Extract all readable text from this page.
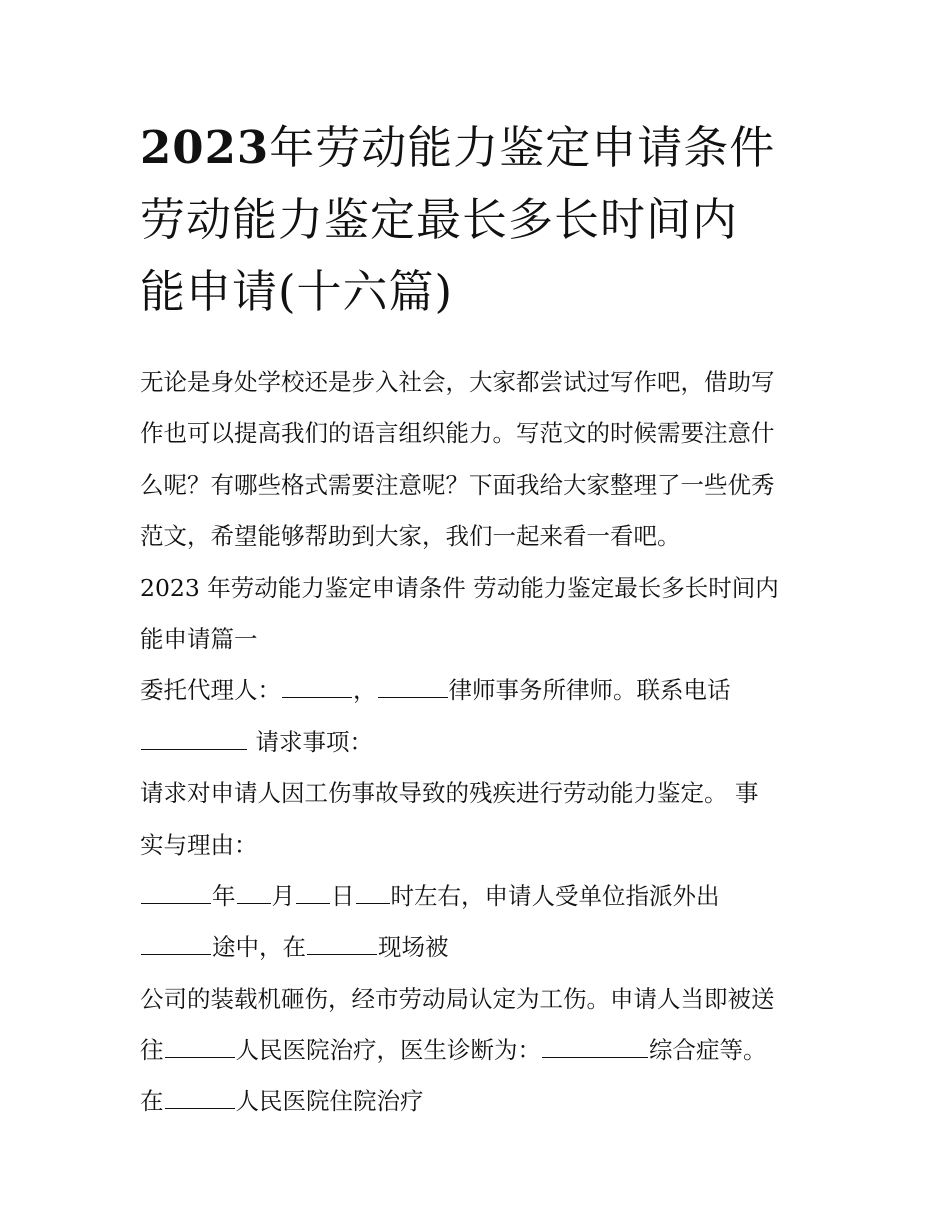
2023年劳动能力鉴定申请条件
劳动能力鉴定最长多长时间内
能申请(十六篇)
无论是身处学校还是步入社会，大家都尝试过写作吧，借助写
作也可以提高我们的语言组织能力。写范文的时候需要注意什
么呢？有哪些格式需要注意呢？下面我给大家整理了一些优秀
范文，希望能够帮助到大家，我们一起来看一看吧。
2023 年劳动能力鉴定申请条件 劳动能力鉴定最长多长时间内
能申请篇一
委托代理人：	，	律师事务所律师。联系电话
请求事项：
请求对申请人因工伤事故导致的残疾进行劳动能力鉴定。 事
实与理由：
年 月 日 时左右，申请人受单位指派外出
途中，在	现场被
公司的装载机砸伤，经市劳动局认定为工伤。申请人当即被送
往	人民医院治疗，医生诊断为：	综合症等。
在	人民医院住院治疗
